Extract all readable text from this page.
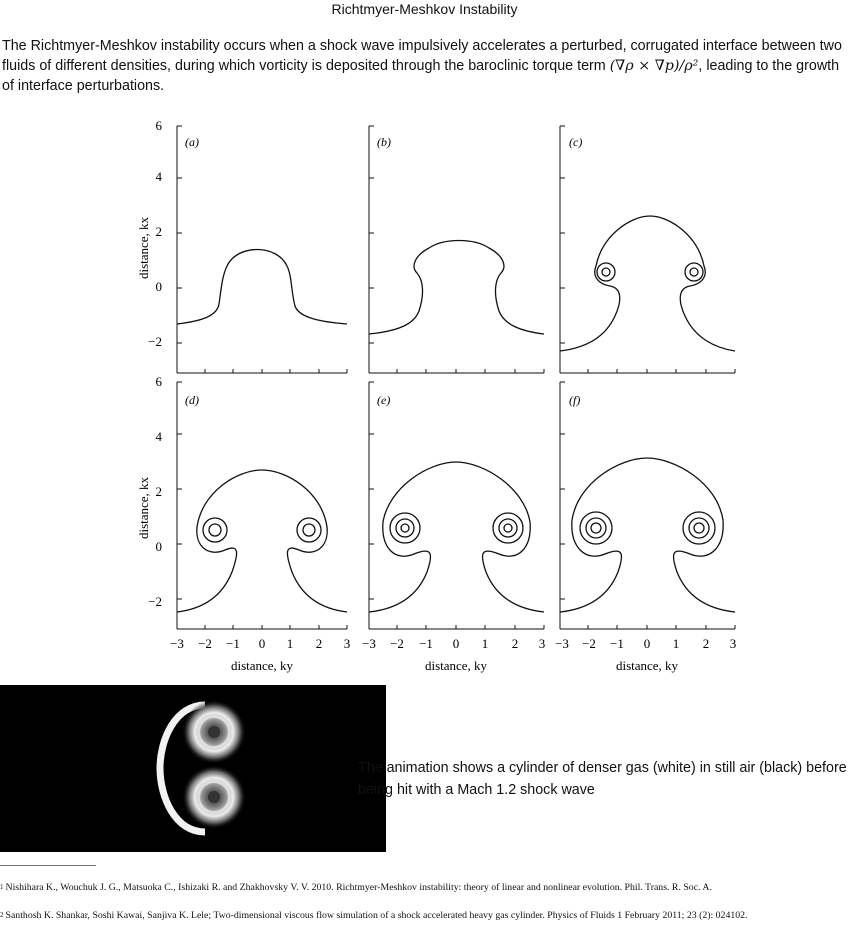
Richtmyer-Meshkov Instability
The Richtmyer-Meshkov instability occurs when a shock wave impulsively accelerates a perturbed, corrugated interface between two fluids of different densities, during which vorticity is deposited through the baroclinic torque term (∇ρ × ∇p)/ρ², leading to the growth of interface perturbations.
distance, kx
distance, kx
6
4
2
0
−2
6
4
2
0
−2
(a)	(b)	(c)
(d)	(e)	(f)
−3 −2 −1 0 1 2 3 −3 −2 −1 0 1 2 3 −3 −2 −1 0 1 2 3
distance, ky	distance, ky	distance, ky
The animation shows a cylinder of denser gas (white) in still air (black) before being hit with a Mach 1.2 shock wave
$^1$ Nishihara K., Wouchuk J. G., Matsuoka C., Ishizaki R. and Zhakhovsky V. V. 2010. Richtmyer-Meshkov instability: theory of linear and nonlinear evolution. Phil. Trans. R. Soc. A.
$^2$ Santhosh K. Shankar, Soshi Kawai, Sanjiva K. Lele; Two-dimensional viscous flow simulation of a shock accelerated heavy gas cylinder. Physics of Fluids 1 February 2011; 23 (2): 024102.
